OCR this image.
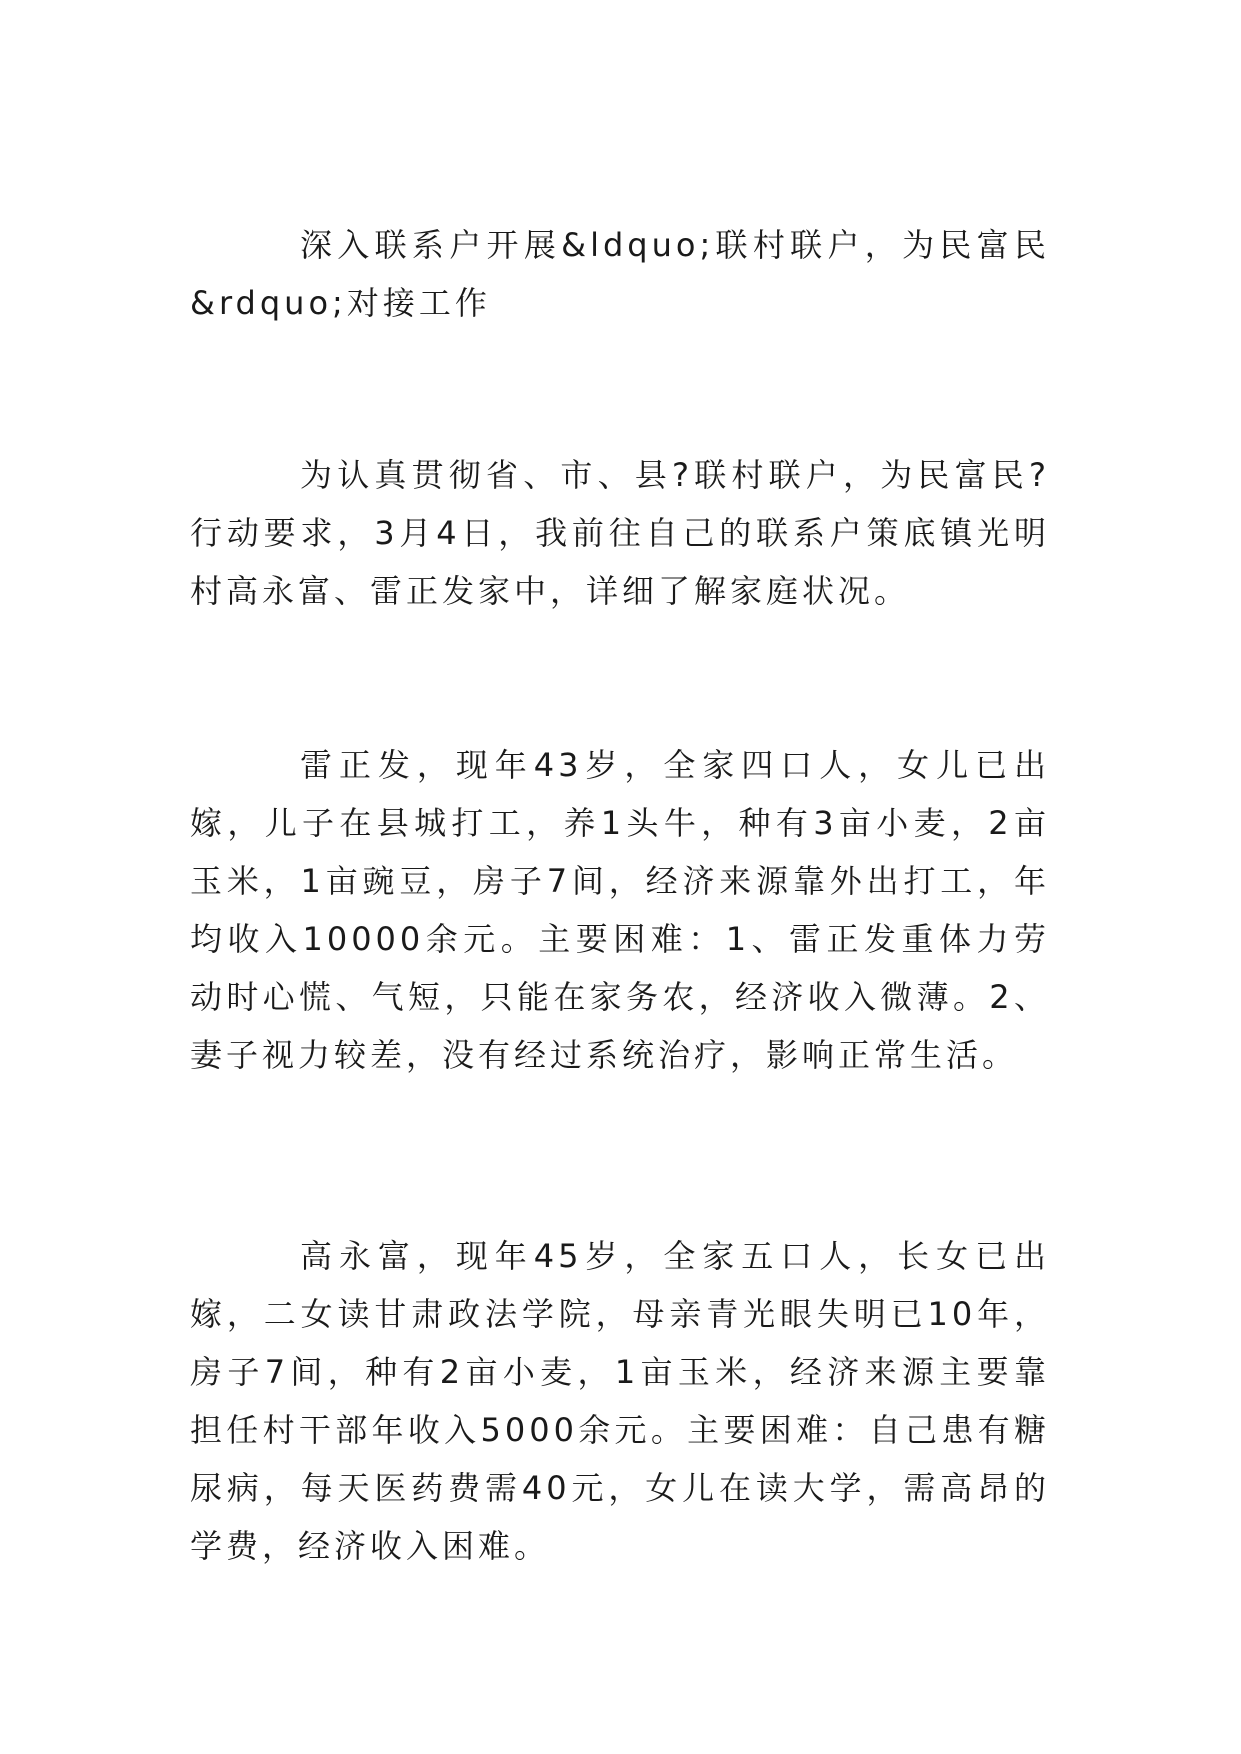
深入联系户开展&ldquo;联村联户，为民富民&rdquo;对接工作

为认真贯彻省、市、县?联村联户，为民富民?行动要求，3月4日，我前往自己的联系户策底镇光明村高永富、雷正发家中，详细了解家庭状况。

雷正发，现年43岁，全家四口人，女儿已出嫁，儿子在县城打工，养1头牛，种有3亩小麦，2亩玉米，1亩豌豆，房子7间，经济来源靠外出打工，年均收入10000余元。主要困难：1、雷正发重体力劳动时心慌、气短，只能在家务农，经济收入微薄。2、妻子视力较差，没有经过系统治疗，影响正常生活。

高永富，现年45岁，全家五口人，长女已出嫁，二女读甘肃政法学院，母亲青光眼失明已10年，房子7间，种有2亩小麦，1亩玉米，经济来源主要靠担任村干部年收入5000余元。主要困难：自己患有糖尿病，每天医药费需40元，女儿在读大学，需高昂的学费，经济收入困难。
